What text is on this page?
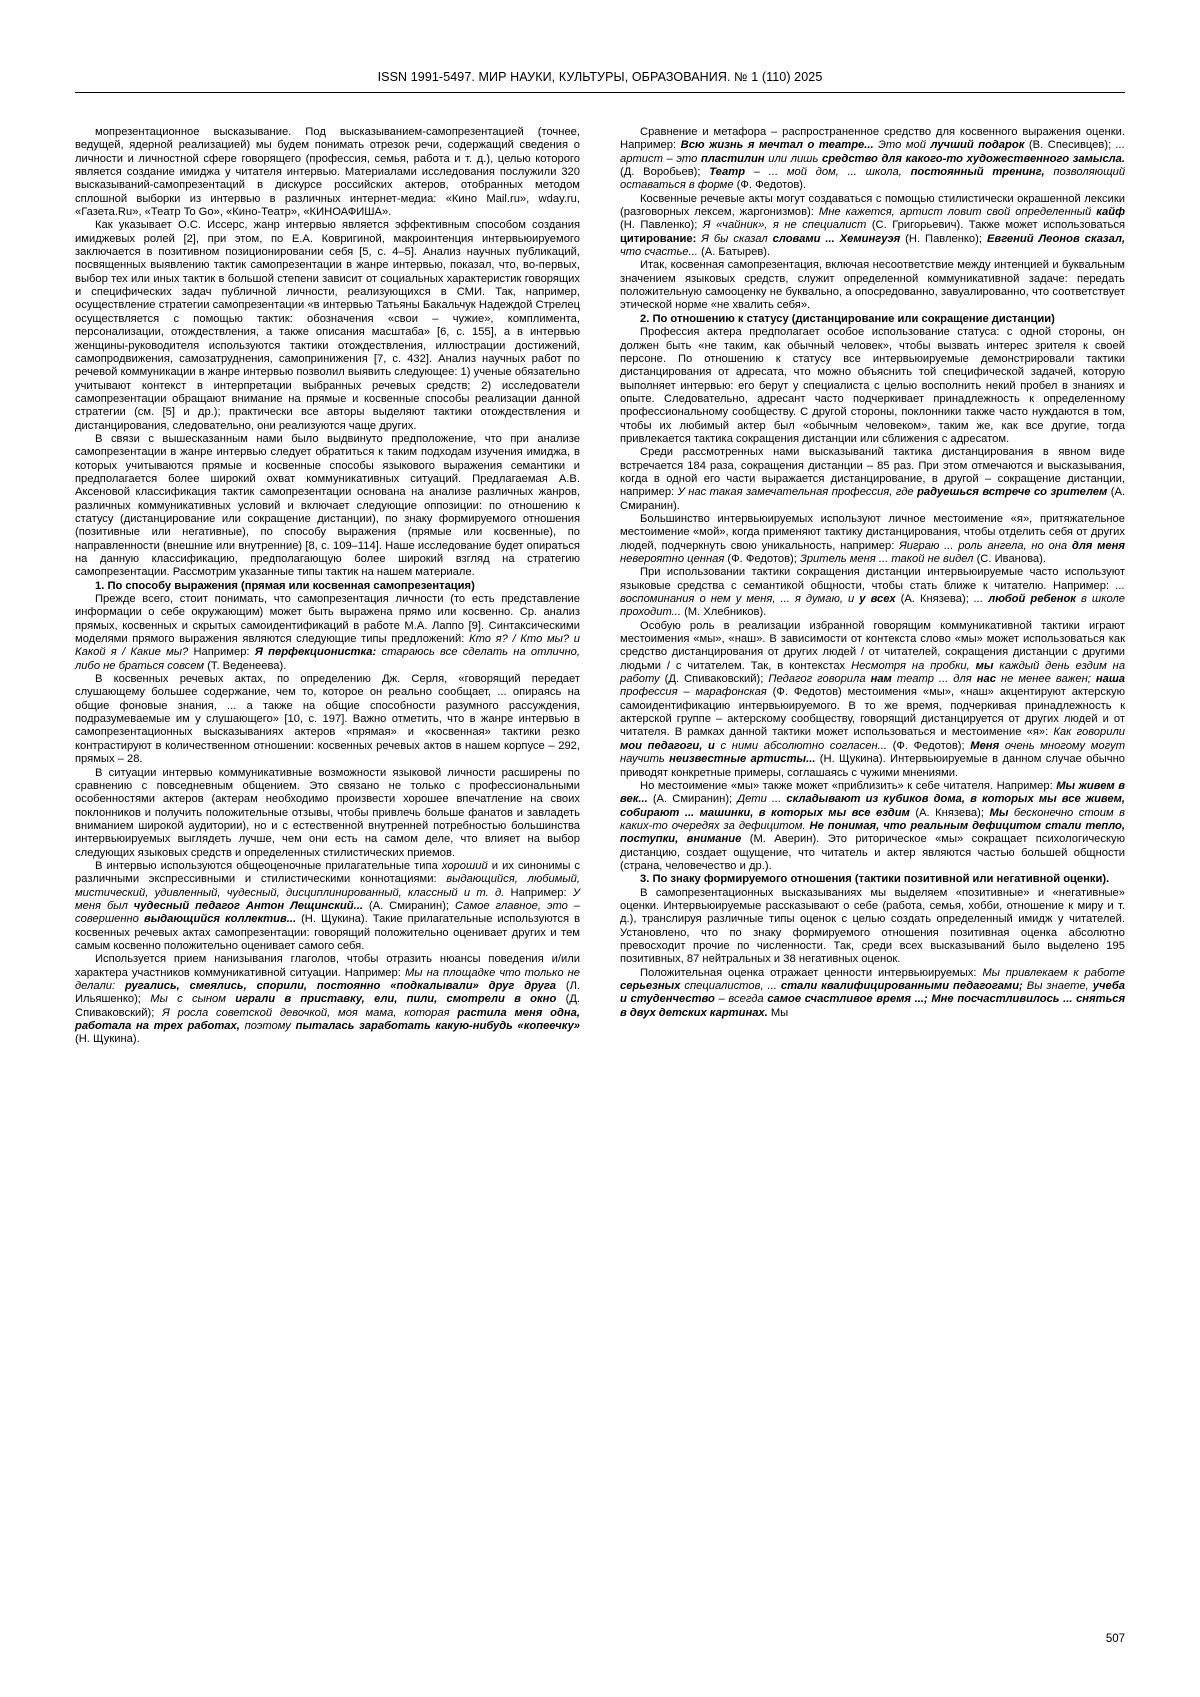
ISSN 1991-5497. МИР НАУКИ, КУЛЬТУРЫ, ОБРАЗОВАНИЯ. № 1 (110) 2025

мопрезентационное высказывание. Под высказыванием-самопрезентацией (точнее, ведущей, ядерной реализацией) мы будем понимать отрезок речи, содержащий сведения о личности и личностной сфере говорящего (профессия, семья, работа и т. д.), целью которого является создание имиджа у читателя интервью. Материалами исследования послужили 320 высказываний-самопрезентаций в дискурсе российских актеров, отобранных методом сплошной выборки из интервью в различных интернет-медиа: «Кино Mail.ru», wday.ru, «Газета.Ru», «Театр To Go», «Кино-Театр», «КИНОАФИША».

Как указывает О.С. Иссерс, жанр интервью является эффективным способом создания имиджевых ролей [2], при этом, по Е.А. Ковригиной, макроинтенция интервьюируемого заключается в позитивном позиционировании себя [5, с. 4–5]. Анализ научных публикаций, посвященных выявлению тактик самопрезентации в жанре интервью, показал, что, во-первых, выбор тех или иных тактик в большой степени зависит от социальных характеристик говорящих и специфических задач публичной личности, реализующихся в СМИ. Так, например, осуществление стратегии самопрезентации «в интервью Татьяны Бакальчук Надеждой Стрелец осуществляется с помощью тактик: обозначения «свои – чужие», комплимента, персонализации, отождествления, а также описания масштаба» [6, с. 155], а в интервью женщины-руководителя используются тактики отождествления, иллюстрации достижений, самопродвижения, самозатруднения, самопринижения [7, с. 432]. Анализ научных работ по речевой коммуникации в жанре интервью позволил выявить следующее: 1) ученые обязательно учитывают контекст в интерпретации выбранных речевых средств; 2) исследователи самопрезентации обращают внимание на прямые и косвенные способы реализации данной стратегии (см. [5] и др.); практически все авторы выделяют тактики отождествления и дистанцирования, следовательно, они реализуются чаще других.

В связи с вышесказанным нами было выдвинуто предположение, что при анализе самопрезентации в жанре интервью следует обратиться к таким подходам изучения имиджа, в которых учитываются прямые и косвенные способы языкового выражения семантики и предполагается более широкий охват коммуникативных ситуаций. Предлагаемая А.В. Аксеновой классификация тактик самопрезентации основана на анализе различных жанров, различных коммуникативных условий и включает следующие оппозиции: по отношению к статусу (дистанцирование или сокращение дистанции), по знаку формируемого отношения (позитивные или негативные), по способу выражения (прямые или косвенные), по направленности (внешние или внутренние) [8, с. 109–114]. Наше исследование будет опираться на данную классификацию, предполагающую более широкий взгляд на стратегию самопрезентации. Рассмотрим указанные типы тактик на нашем материале.

1. По способу выражения (прямая или косвенная самопрезентация)

Прежде всего, стоит понимать, что самопрезентация личности (то есть представление информации о себе окружающим) может быть выражена прямо или косвенно. Ср. анализ прямых, косвенных и скрытых самоидентификаций в работе М.А. Лаппо [9]. Синтаксическими моделями прямого выражения являются следующие типы предложений: Кто я? / Кто мы? и Какой я / Какие мы? Например: Я перфекционистка: стараюсь все сделать на отлично, либо не браться совсем (Т. Веденеева).

В косвенных речевых актах, по определению Дж. Серля, «говорящий передает слушающему большее содержание, чем то, которое он реально сообщает, ... опираясь на общие фоновые знания, ... а также на общие способности разумного рассуждения, подразумеваемые им у слушающего» [10, с. 197]. Важно отметить, что в жанре интервью в самопрезентационных высказываниях актеров «прямая» и «косвенная» тактики резко контрастируют в количественном отношении: косвенных речевых актов в нашем корпусе – 292, прямых – 28.

В ситуации интервью коммуникативные возможности языковой личности расширены по сравнению с повседневным общением. Это связано не только с профессиональными особенностями актеров (актерам необходимо произвести хорошее впечатление на своих поклонников и получить положительные отзывы, чтобы привлечь больше фанатов и завладеть вниманием широкой аудитории), но и с естественной внутренней потребностью большинства интервьюируемых выглядеть лучше, чем они есть на самом деле, что влияет на выбор следующих языковых средств и определенных стилистических приемов.

В интервью используются общеоценочные прилагательные типа хороший и их синонимы с различными экспрессивными и стилистическими коннотациями: выдающийся, любимый, мистический, удивленный, чудесный, дисциплинированный, классный и т. д. Например: У меня был чудесный педагог Антон Лещинский... (А. Смиранин); Самое главное, это – совершенно выдающийся коллектив... (Н. Щукина). Такие прилагательные используются в косвенных речевых актах самопрезентации: говорящий положительно оценивает других и тем самым косвенно положительно оценивает самого себя.

Используется прием нанизывания глаголов, чтобы отразить нюансы поведения и/или характера участников коммуникативной ситуации. Например: Мы на площадке что только не делали: ругались, смеялись, спорили, постоянно «подкалывали» друг друга (Л. Ильяшенко); Мы с сыном играли в приставку, ели, пили, смотрели в окно (Д. Спиваковский); Я росла советской девочкой, моя мама, которая растила меня одна, работала на трех работах, поэтому пыталась заработать какую-нибудь «копеечку» (Н. Щукина).

Сравнение и метафора – распространенное средство для косвенного выражения оценки. Например: Всю жизнь я мечтал о театре... Это мой лучший подарок (В. Спесивцев); ... артист – это пластилин или лишь средство для какого-то художественного замысла. (Д. Воробьев); Театр – ... мой дом, ... школа, постоянный тренинг, позволяющий оставаться в форме (Ф. Федотов).

Косвенные речевые акты могут создаваться с помощью стилистически окрашенной лексики (разговорных лексем, жаргонизмов): Мне кажется, артист ловит свой определенный кайф (Н. Павленко); Я «чайник», я не специалист (С. Григорьевич). Также может использоваться цитирование: Я бы сказал словами ... Хемингуэя (Н. Павленко); Евгений Леонов сказал, что счастье... (А. Батырев).

Итак, косвенная самопрезентация, включая несоответствие между интенцией и буквальным значением языковых средств, служит определенной коммуникативной задаче: передать положительную самооценку не буквально, а опосредованно, завуалированно, что соответствует этической норме «не хвалить себя».

2. По отношению к статусу (дистанцирование или сокращение дистанции)

Профессия актера предполагает особое использование статуса: с одной стороны, он должен быть «не таким, как обычный человек», чтобы вызвать интерес зрителя к своей персоне. По отношению к статусу все интервьюируемые демонстрировали тактики дистанцирования от адресата, что можно объяснить той специфической задачей, которую выполняет интервью: его берут у специалиста с целью восполнить некий пробел в знаниях и опыте. Следовательно, адресант часто подчеркивает принадлежность к определенному профессиональному сообществу. С другой стороны, поклонники также часто нуждаются в том, чтобы их любимый актер был «обычным человеком», таким же, как все другие, тогда привлекается тактика сокращения дистанции или сближения с адресатом.

Среди рассмотренных нами высказываний тактика дистанцирования в явном виде встречается 184 раза, сокращения дистанции – 85 раз. При этом отмечаются и высказывания, когда в одной его части выражается дистанцирование, в другой – сокращение дистанции, например: У нас такая замечательная профессия, где радуешься встрече со зрителем (А. Смиранин).

Большинство интервьюируемых используют личное местоимение «я», притяжательное местоимение «мой», когда применяют тактику дистанцирования, чтобы отделить себя от других людей, подчеркнуть свою уникальность, например: Яиграю ... роль ангела, но она для меня невероятно ценная (Ф. Федотов); Зритель меня ... такой не видел (С. Иванова).

При использовании тактики сокращения дистанции интервьюируемые часто используют языковые средства с семантикой общности, чтобы стать ближе к читателю. Например: ... воспоминания о нем у меня, ... я думаю, и у всех (А. Князева); ... любой ребенок в школе проходит... (М. Хлебников).

Особую роль в реализации избранной говорящим коммуникативной тактики играют местоимения «мы», «наш». В зависимости от контекста слово «мы» может использоваться как средство дистанцирования от других людей / от читателей, сокращения дистанции с другими людьми / с читателем. Так, в контекстах Несмотря на пробки, мы каждый день ездим на работу (Д. Спиваковский); Педагог говорила нам театр ... для нас не менее важен; наша профессия – марафонская (Ф. Федотов) местоимения «мы», «наш» акцентируют актерскую самоидентификацию интервьюируемого. В то же время, подчеркивая принадлежность к актерской группе – актерскому сообществу, говорящий дистанцируется от других людей и от читателя. В рамках данной тактики может использоваться и местоимение «я»: Как говорили мои педагоги, и с ними абсолютно согласен... (Ф. Федотов); Меня очень многому могут научить неизвестные артисты... (Н. Щукина). Интервьюируемые в данном случае обычно приводят конкретные примеры, соглашаясь с чужими мнениями.

Но местоимение «мы» также может «приблизить» к себе читателя. Например: Мы живем в век... (А. Смиранин); Дети ... складывают из кубиков дома, в которых мы все живем, собирают ... машинки, в которых мы все ездим (А. Князева); Мы бесконечно стоим в каких-то очередях за дефицитом. Не понимая, что реальным дефицитом стали тепло, поступки, внимание (М. Аверин). Это риторическое «мы» сокращает психологическую дистанцию, создает ощущение, что читатель и актер являются частью большей общности (страна, человечество и др.).

3. По знаку формируемого отношения (тактики позитивной или негативной оценки).

В самопрезентационных высказываниях мы выделяем «позитивные» и «негативные» оценки. Интервьюируемые рассказывают о себе (работа, семья, хобби, отношение к миру и т. д.), транслируя различные типы оценок с целью создать определенный имидж у читателей. Установлено, что по знаку формируемого отношения позитивная оценка абсолютно превосходит прочие по численности. Так, среди всех высказываний было выделено 195 позитивных, 87 нейтральных и 38 негативных оценок.

Положительная оценка отражает ценности интервьюируемых: Мы привлекаем к работе серьезных специалистов, ... стали квалифицированными педагогами; Вы знаете, учеба и студенчество – всегда самое счастливое время ...; Мне посчастливилось ... сняться в двух детских картинах. Мы

507
